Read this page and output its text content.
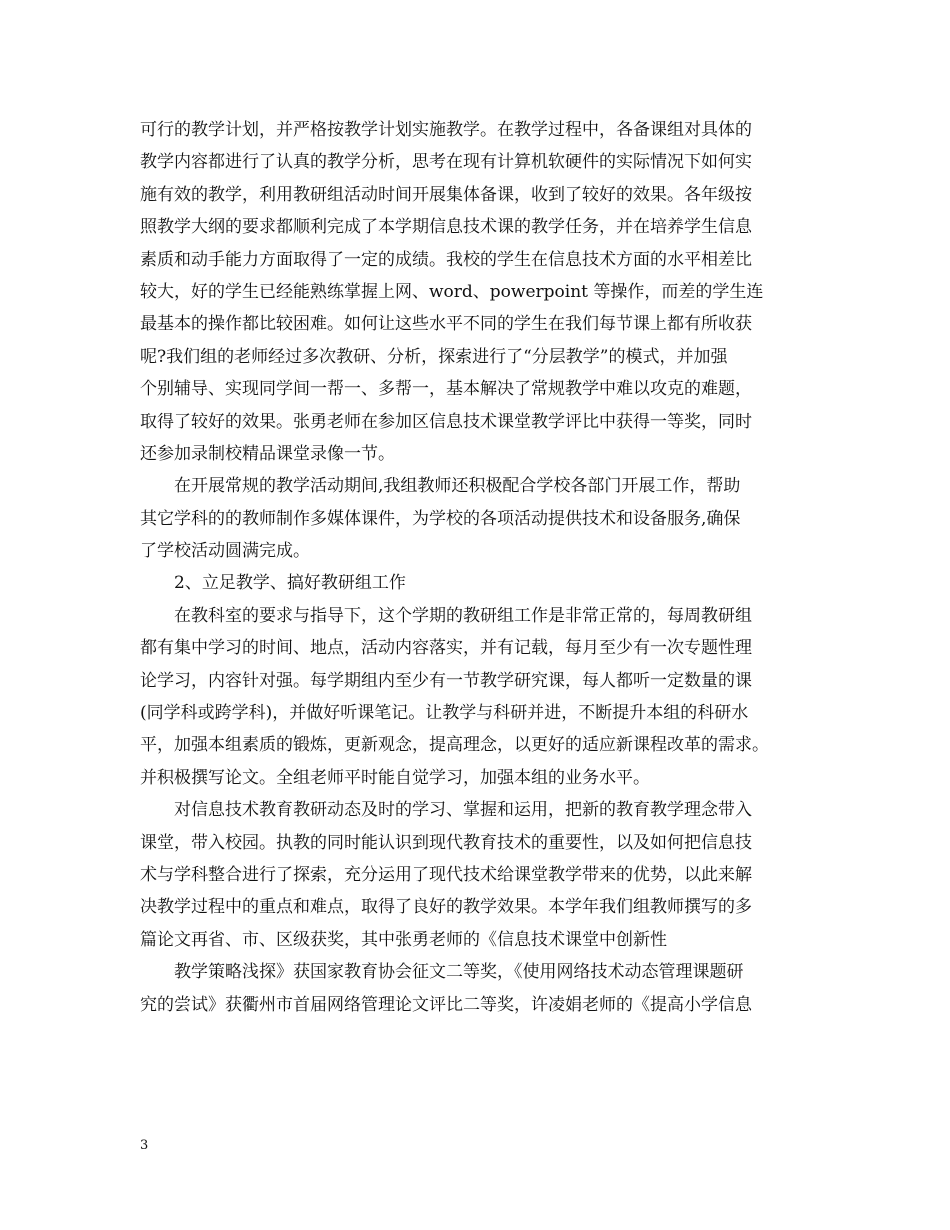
可行的教学计划，并严格按教学计划实施教学。在教学过程中，各备课组对具体的
教学内容都进行了认真的教学分析，思考在现有计算机软硬件的实际情况下如何实
施有效的教学，利用教研组活动时间开展集体备课，收到了较好的效果。各年级按
照教学大纲的要求都顺利完成了本学期信息技术课的教学任务，并在培养学生信息
素质和动手能力方面取得了一定的成绩。我校的学生在信息技术方面的水平相差比
较大，好的学生已经能熟练掌握上网、word、powerpoint 等操作，而差的学生连
最基本的操作都比较困难。如何让这些水平不同的学生在我们每节课上都有所收获
呢?我们组的老师经过多次教研、分析，探索进行了“分层教学”的模式，并加强
个别辅导、实现同学间一帮一、多帮一，基本解决了常规教学中难以攻克的难题，
取得了较好的效果。张勇老师在参加区信息技术课堂教学评比中获得一等奖，同时
还参加录制校精品课堂录像一节。
在开展常规的教学活动期间,我组教师还积极配合学校各部门开展工作，帮助
其它学科的的教师制作多媒体课件，为学校的各项活动提供技术和设备服务,确保
了学校活动圆满完成。
2、立足教学、搞好教研组工作
在教科室的要求与指导下，这个学期的教研组工作是非常正常的，每周教研组
都有集中学习的时间、地点，活动内容落实，并有记载，每月至少有一次专题性理
论学习，内容针对强。每学期组内至少有一节教学研究课，每人都听一定数量的课
(同学科或跨学科)，并做好听课笔记。让教学与科研并进，不断提升本组的科研水
平，加强本组素质的锻炼，更新观念，提高理念，以更好的适应新课程改革的需求。
并积极撰写论文。全组老师平时能自觉学习，加强本组的业务水平。
对信息技术教育教研动态及时的学习、掌握和运用，把新的教育教学理念带入
课堂，带入校园。执教的同时能认识到现代教育技术的重要性，以及如何把信息技
术与学科整合进行了探索，充分运用了现代技术给课堂教学带来的优势，以此来解
决教学过程中的重点和难点，取得了良好的教学效果。本学年我们组教师撰写的多
篇论文再省、市、区级获奖，其中张勇老师的《信息技术课堂中创新性
教学策略浅探》获国家教育协会征文二等奖，《使用网络技术动态管理课题研
究的尝试》获衢州市首届网络管理论文评比二等奖，许凌娟老师的《提高小学信息
3
